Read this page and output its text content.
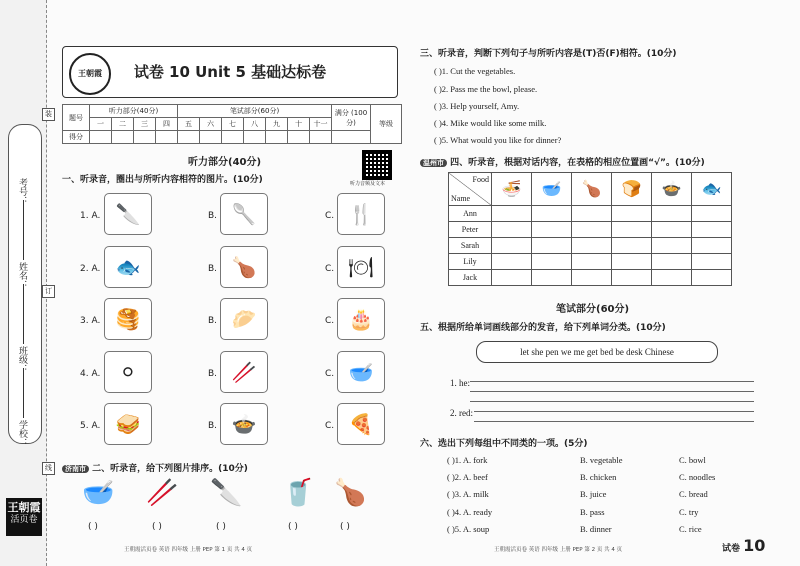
考号：
姓名：
班级：
学校：
装
订
线
王朝霞
活页卷
王朝霞	试卷 10 Unit 5 基础达标卷
题号	听力部分(40分)				笔试部分(60分)							满分 (100分)	等级
	一	二	三	四	五	六	七	八	九	十	十一		
得分													
听力部分(40分)
听力音频及文本
一、听录音，圈出与所听内容相符的图片。(10分)
1. A. 🔪	B. 🥄	C. 🍴
2. A. 🐟	B. 🍗	C. 🍽
3. A. 🥞	B. 🥟	C. 🎂
4. A. ⚪	B. 🥢	C. 🥣
5. A. 🥪	B. 🍲	C. 🍕
济南市 二、听录音，给下列图片排序。(10分)
🥣
( )
🥢
( )
🔪
( )
🥤
( )
🍗
( )
三、听录音，判断下列句子与所听内容是(T)否(F)相符。(10分)
( )1. Cut the vegetables.
( )2. Pass me the bowl, please.
( )3. Help yourself, Amy.
( )4. Mike would like some milk.
( )5. What would you like for dinner?
温州市 四、听录音，根据对话内容，在表格的相应位置画“√”。(10分)
Food
Name	🍜	🥣	🍗	🍞	🍲	🐟
Ann						
Peter						
Sarah						
Lily						
Jack						
笔试部分(60分)
五、根据所给单词画线部分的发音，给下列单词分类。(10分)
let she pen we me get bed be desk Chinese
1. he:
2. red:
六、选出下列每组中不同类的一项。(5分)
( )1. A. fork	B. vegetable	C. bowl
( )2. A. beef	B. chicken	C. noodles
( )3. A. milk	B. juice	C. bread
( )4. A. ready	B. pass	C. try
( )5. A. soup	B. dinner	C. rice
王朝霞活页卷 英语 四年级 上册 PEP 第 1 页 共 4 页	王朝霞活页卷 英语 四年级 上册 PEP 第 2 页 共 4 页	试卷 10
